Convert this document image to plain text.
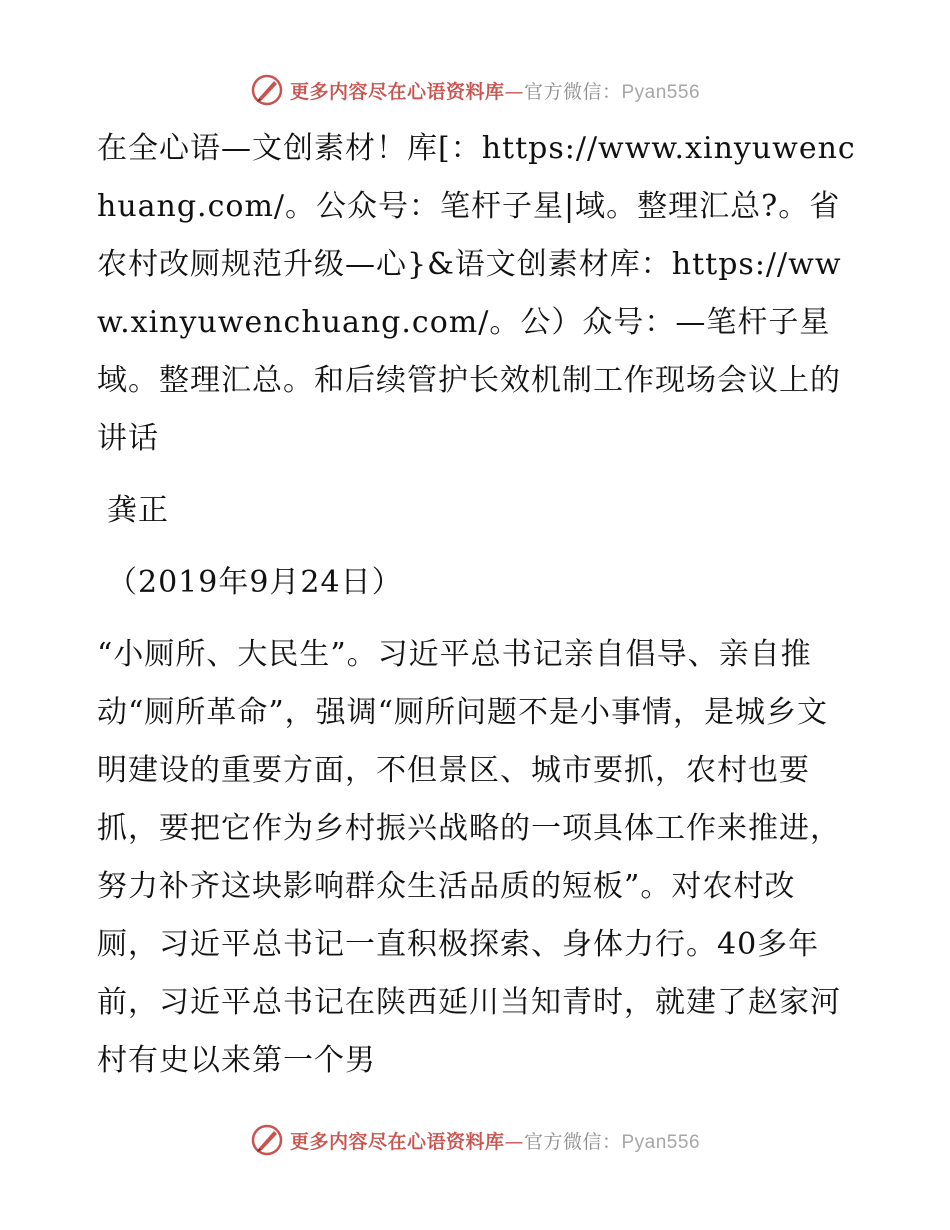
更多内容尽在心语资料库—官方微信：Pyan556

在全心语—文创素材！库[：https://www.xinyuwenchuang.com/。公众号：笔杆子星|域。整理汇总?。省农村改厕规范升级—心}&语文创素材库：https://www.xinyuwenchuang.com/。公）众号：—笔杆子星域。整理汇总。和后续管护长效机制工作现场会议上的讲话

龚正

（2019年9月24日）

“小厕所、大民生”。习近平总书记亲自倡导、亲自推动“厕所革命”，强调“厕所问题不是小事情，是城乡文明建设的重要方面，不但景区、城市要抓，农村也要抓，要把它作为乡村振兴战略的一项具体工作来推进，努力补齐这块影响群众生活品质的短板”。对农村改厕，习近平总书记一直积极探索、身体力行。40多年前，习近平总书记在陕西延川当知青时，就建了赵家河村有史以来第一个男

更多内容尽在心语资料库—官方微信：Pyan556
